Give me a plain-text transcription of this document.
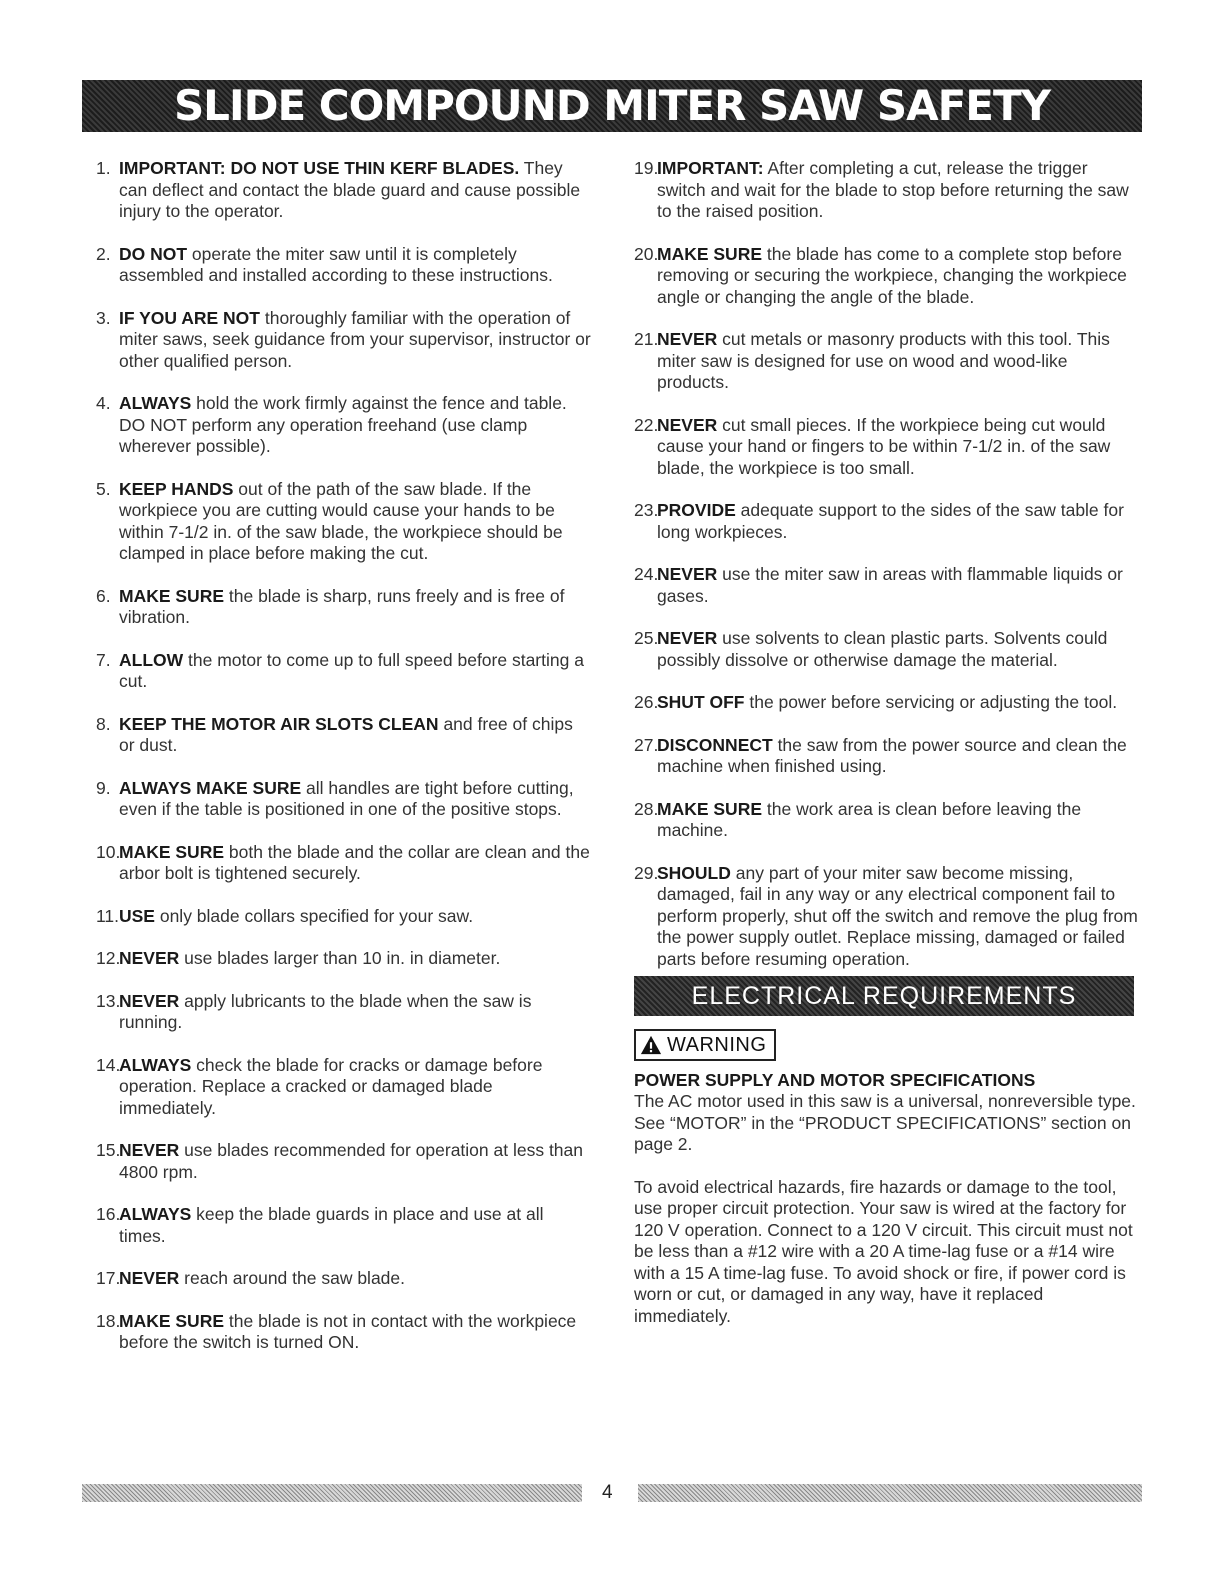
SLIDE COMPOUND MITER SAW SAFETY
1. IMPORTANT: DO NOT USE THIN KERF BLADES. They can deflect and contact the blade guard and cause possible injury to the operator.
2. DO NOT operate the miter saw until it is completely assembled and installed according to these instructions.
3. IF YOU ARE NOT thoroughly familiar with the operation of miter saws, seek guidance from your supervisor, instructor or other qualified person.
4. ALWAYS hold the work firmly against the fence and table. DO NOT perform any operation freehand (use clamp wherever possible).
5. KEEP HANDS out of the path of the saw blade. If the workpiece you are cutting would cause your hands to be within 7-1/2 in. of the saw blade, the workpiece should be clamped in place before making the cut.
6. MAKE SURE the blade is sharp, runs freely and is free of vibration.
7. ALLOW the motor to come up to full speed before starting a cut.
8. KEEP THE MOTOR AIR SLOTS CLEAN and free of chips or dust.
9. ALWAYS MAKE SURE all handles are tight before cutting, even if the table is positioned in one of the positive stops.
10.
MAKE SURE both the blade and the collar are clean and the arbor bolt is tightened securely.
11. USE only blade collars specified for your saw.
12.
NEVER use blades larger than 10 in. in diameter.
13.
NEVER apply lubricants to the blade when the saw is running.
14.
ALWAYS check the blade for cracks or damage before operation. Replace a cracked or damaged blade immediately.
15.
NEVER use blades recommended for operation at less than 4800 rpm.
16.
ALWAYS keep the blade guards in place and use at all times.
17.
NEVER reach around the saw blade.
18.
MAKE SURE the blade is not in contact with the workpiece before the switch is turned ON.
19.
IMPORTANT: After completing a cut, release the trigger switch and wait for the blade to stop before returning the saw to the raised position.
20.
MAKE SURE the blade has come to a complete stop before removing or securing the workpiece, changing the workpiece angle or changing the angle of the blade.
21.
NEVER cut metals or masonry products with this tool. This miter saw is designed for use on wood and wood-like products.
22.
NEVER cut small pieces. If the workpiece being cut would cause your hand or fingers to be within 7-1/2 in. of the saw blade, the workpiece is too small.
23.
PROVIDE adequate support to the sides of the saw table for long workpieces.
24.
NEVER use the miter saw in areas with flammable liquids or gases.
25.
NEVER use solvents to clean plastic parts. Solvents could possibly dissolve or otherwise damage the material.
26.
SHUT OFF the power before servicing or adjusting the tool.
27.
DISCONNECT the saw from the power source and clean the machine when finished using.
28.
MAKE SURE the work area is clean before leaving the machine.
29.
SHOULD any part of your miter saw become missing, damaged, fail in any way or any electrical component fail to perform properly, shut off the switch and remove the plug from the power supply outlet. Replace missing, damaged or failed parts before resuming operation.
ELECTRICAL REQUIREMENTS
WARNING
POWER SUPPLY AND MOTOR SPECIFICATIONS
The AC motor used in this saw is a universal, nonreversible type. See “MOTOR” in the “PRODUCT SPECIFICATIONS” section on page 2.
To avoid electrical hazards, fire hazards or damage to the tool, use proper circuit protection. Your saw is wired at the factory for 120 V operation. Connect to a 120 V circuit. This circuit must not be less than a #12 wire with a 20 A time-lag fuse or a #14 wire with a 15 A time-lag fuse. To avoid shock or fire, if power cord is worn or cut, or damaged in any way, have it replaced immediately.
4
